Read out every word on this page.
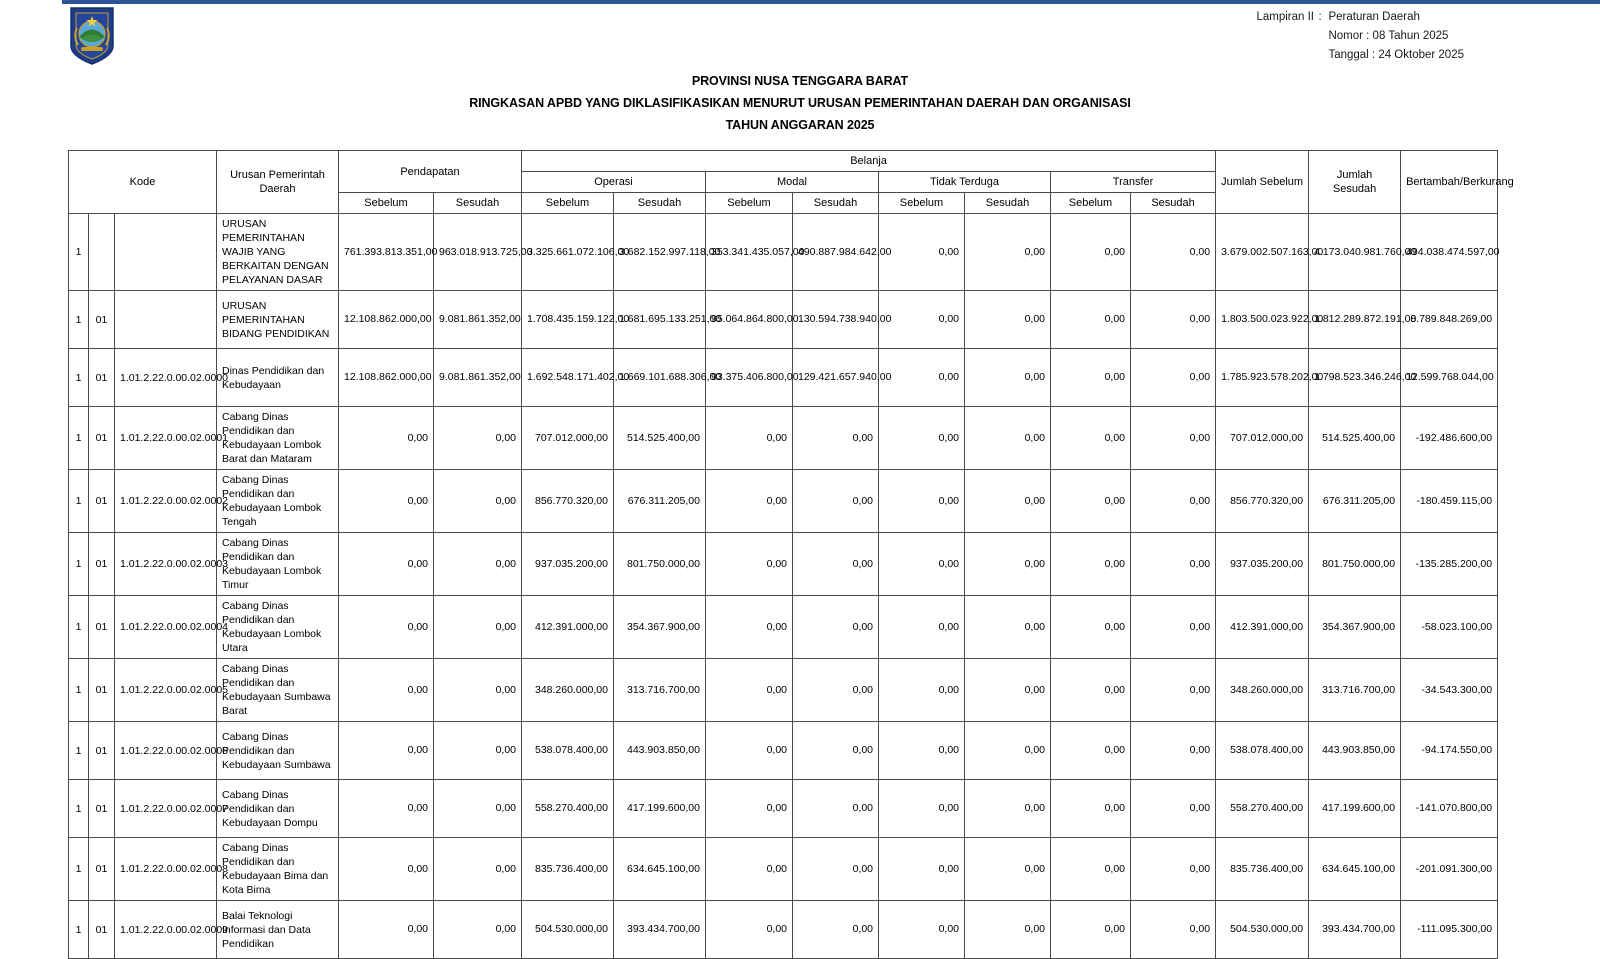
Lampiran II : Peraturan Daerah
Nomor : 08 Tahun 2025
Tanggal : 24 Oktober 2025
PROVINSI NUSA TENGGARA BARAT
RINGKASAN APBD YANG DIKLASIFIKASIKAN MENURUT URUSAN PEMERINTAHAN DAERAH DAN ORGANISASI
TAHUN ANGGARAN 2025
Kode			Urusan Pemerintah Daerah	Pendapatan		Belanja								Jumlah Sebelum	Jumlah Sesudah	Bertambah/Berkurang
						Operasi		Modal		Tidak Terduga		Transfer				
				Sebelum	Sesudah	Sebelum	Sesudah	Sebelum	Sesudah	Sebelum	Sesudah	Sebelum	Sesudah			
1			URUSAN PEMERINTAHAN WAJIB YANG BERKAITAN DENGAN PELAYANAN DASAR	761.393.813.351,00	963.018.913.725,00	3.325.661.072.106,00	3.682.152.997.118,00	353.341.435.057,00	490.887.984.642,00	0,00	0,00	0,00	0,00	3.679.002.507.163,00	4.173.040.981.760,00	494.038.474.597,00
1	01		URUSAN PEMERINTAHAN BIDANG PENDIDIKAN	12.108.862.000,00	9.081.861.352,00	1.708.435.159.122,00	1.681.695.133.251,00	95.064.864.800,00	130.594.738.940,00	0,00	0,00	0,00	0,00	1.803.500.023.922,00	1.812.289.872.191,00	8.789.848.269,00
1	01	1.01.2.22.0.00.02.0000	Dinas Pendidikan dan Kebudayaan	12.108.862.000,00	9.081.861.352,00	1.692.548.171.402,00	1.669.101.688.306,00	93.375.406.800,00	129.421.657.940,00	0,00	0,00	0,00	0,00	1.785.923.578.202,00	1.798.523.346.246,00	12.599.768.044,00
1	01	1.01.2.22.0.00.02.0001	Cabang Dinas Pendidikan dan Kebudayaan Lombok Barat dan Mataram	0,00	0,00	707.012.000,00	514.525.400,00	0,00	0,00	0,00	0,00	0,00	0,00	707.012.000,00	514.525.400,00	-192.486.600,00
1	01	1.01.2.22.0.00.02.0002	Cabang Dinas Pendidikan dan Kebudayaan Lombok Tengah	0,00	0,00	856.770.320,00	676.311.205,00	0,00	0,00	0,00	0,00	0,00	0,00	856.770.320,00	676.311.205,00	-180.459.115,00
1	01	1.01.2.22.0.00.02.0003	Cabang Dinas Pendidikan dan Kebudayaan Lombok Timur	0,00	0,00	937.035.200,00	801.750.000,00	0,00	0,00	0,00	0,00	0,00	0,00	937.035.200,00	801.750.000,00	-135.285.200,00
1	01	1.01.2.22.0.00.02.0004	Cabang Dinas Pendidikan dan Kebudayaan Lombok Utara	0,00	0,00	412.391.000,00	354.367.900,00	0,00	0,00	0,00	0,00	0,00	0,00	412.391.000,00	354.367.900,00	-58.023.100,00
1	01	1.01.2.22.0.00.02.0005	Cabang Dinas Pendidikan dan Kebudayaan Sumbawa Barat	0,00	0,00	348.260.000,00	313.716.700,00	0,00	0,00	0,00	0,00	0,00	0,00	348.260.000,00	313.716.700,00	-34.543.300,00
1	01	1.01.2.22.0.00.02.0006	Cabang Dinas Pendidikan dan Kebudayaan Sumbawa	0,00	0,00	538.078.400,00	443.903.850,00	0,00	0,00	0,00	0,00	0,00	0,00	538.078.400,00	443.903.850,00	-94.174.550,00
1	01	1.01.2.22.0.00.02.0007	Cabang Dinas Pendidikan dan Kebudayaan Dompu	0,00	0,00	558.270.400,00	417.199.600,00	0,00	0,00	0,00	0,00	0,00	0,00	558.270.400,00	417.199.600,00	-141.070.800,00
1	01	1.01.2.22.0.00.02.0008	Cabang Dinas Pendidikan dan Kebudayaan Bima dan Kota Bima	0,00	0,00	835.736.400,00	634.645.100,00	0,00	0,00	0,00	0,00	0,00	0,00	835.736.400,00	634.645.100,00	-201.091.300,00
1	01	1.01.2.22.0.00.02.0009	Balai Teknologi Informasi dan Data Pendidikan	0,00	0,00	504.530.000,00	393.434.700,00	0,00	0,00	0,00	0,00	0,00	0,00	504.530.000,00	393.434.700,00	-111.095.300,00
